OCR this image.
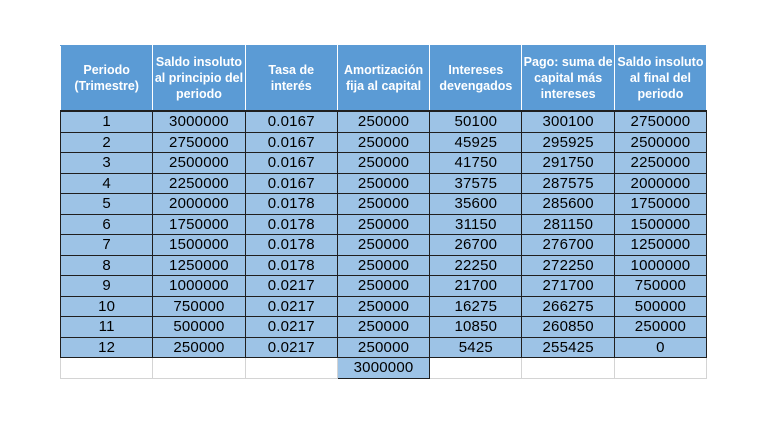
Periodo (Trimestre)	Saldo insoluto al principio del periodo	Tasa de interés	Amortización fija al capital	Intereses devengados	Pago: suma de capital más intereses	Saldo insoluto al final del periodo
1	3000000	0.0167	250000	50100	300100	2750000
2	2750000	0.0167	250000	45925	295925	2500000
3	2500000	0.0167	250000	41750	291750	2250000
4	2250000	0.0167	250000	37575	287575	2000000
5	2000000	0.0178	250000	35600	285600	1750000
6	1750000	0.0178	250000	31150	281150	1500000
7	1500000	0.0178	250000	26700	276700	1250000
8	1250000	0.0178	250000	22250	272250	1000000
9	1000000	0.0217	250000	21700	271700	750000
10	750000	0.0217	250000	16275	266275	500000
11	500000	0.0217	250000	10850	260850	250000
12	250000	0.0217	250000	5425	255425	0
			3000000			
